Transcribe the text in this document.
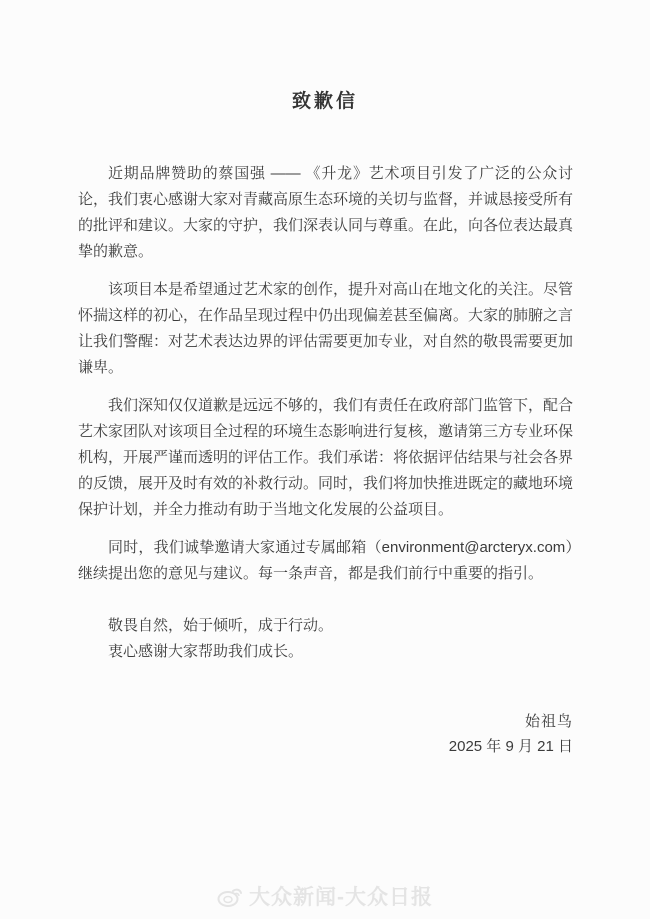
致歉信

近期品牌赞助的蔡国强 —— 《升龙》艺术项目引发了广泛的公众讨论，我们衷心感谢大家对青藏高原生态环境的关切与监督，并诚恳接受所有的批评和建议。大家的守护，我们深表认同与尊重。在此，向各位表达最真挚的歉意。

该项目本是希望通过艺术家的创作，提升对高山在地文化的关注。尽管怀揣这样的初心，在作品呈现过程中仍出现偏差甚至偏离。大家的肺腑之言让我们警醒：对艺术表达边界的评估需要更加专业，对自然的敬畏需要更加谦卑。

我们深知仅仅道歉是远远不够的，我们有责任在政府部门监管下，配合艺术家团队对该项目全过程的环境生态影响进行复核，邀请第三方专业环保机构，开展严谨而透明的评估工作。我们承诺：将依据评估结果与社会各界的反馈，展开及时有效的补救行动。同时，我们将加快推进既定的藏地环境保护计划，并全力推动有助于当地文化发展的公益项目。

同时，我们诚挚邀请大家通过专属邮箱（environment@arcteryx.com）继续提出您的意见与建议。每一条声音，都是我们前行中重要的指引。

敬畏自然，始于倾听，成于行动。

衷心感谢大家帮助我们成长。

始祖鸟
2025 年 9 月 21 日
大众新闻-大众日报
